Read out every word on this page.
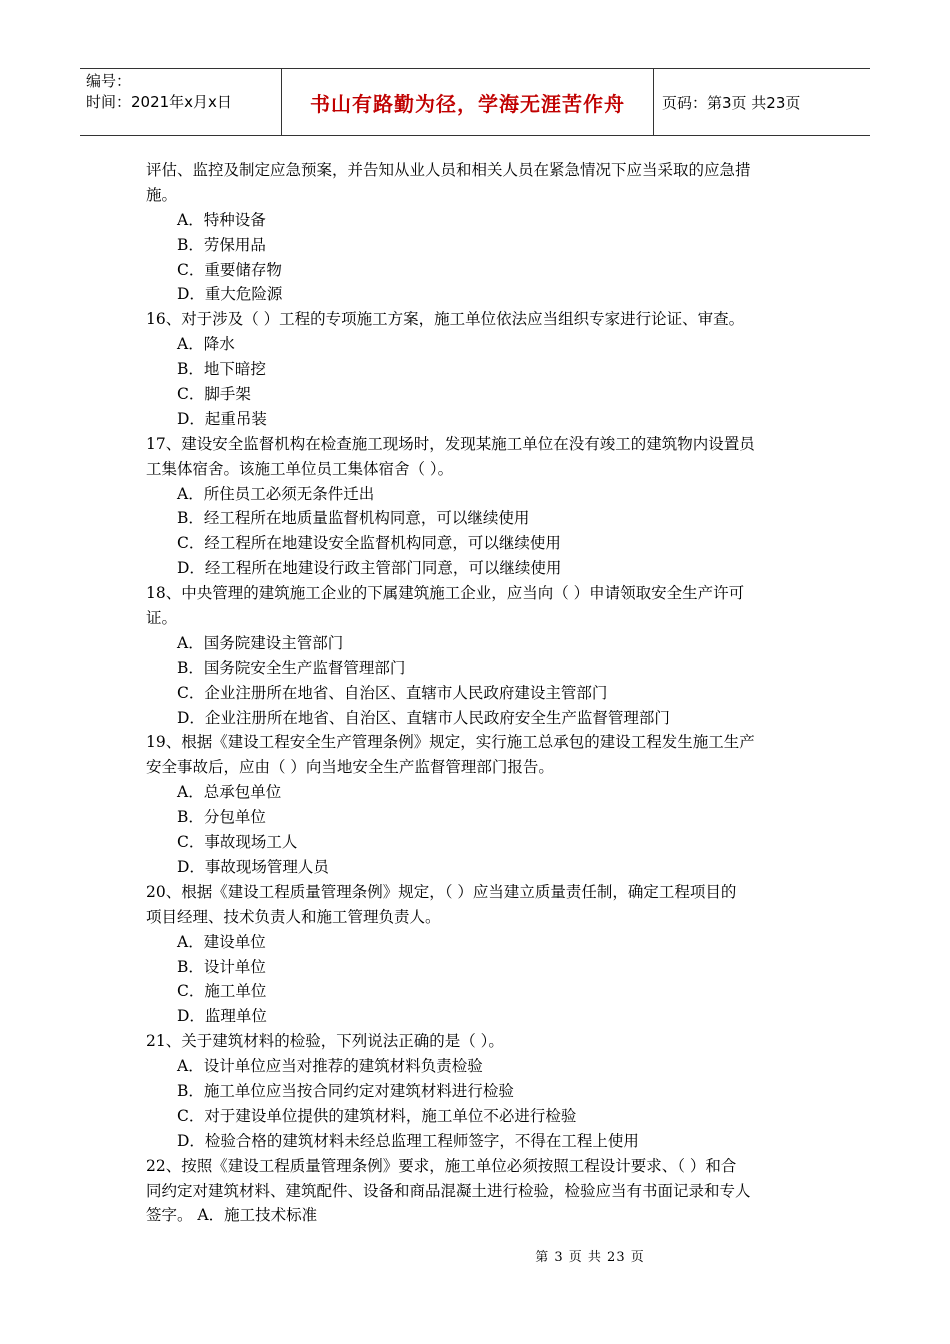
编号：
时间：2021年x月x日	书山有路勤为径，学海无涯苦作舟	页码：第3页 共23页
评估、监控及制定应急预案，并告知从业人员和相关人员在紧急情况下应当采取的应急措
施。
A．特种设备
B．劳保用品
C．重要储存物
D．重大危险源
16、对于涉及（ ）工程的专项施工方案，施工单位依法应当组织专家进行论证、审查。
A．降水
B．地下暗挖
C．脚手架
D．起重吊装
17、建设安全监督机构在检查施工现场时，发现某施工单位在没有竣工的建筑物内设置员
工集体宿舍。该施工单位员工集体宿舍（ ）。
A．所住员工必须无条件迁出
B．经工程所在地质量监督机构同意，可以继续使用
C．经工程所在地建设安全监督机构同意，可以继续使用
D．经工程所在地建设行政主管部门同意，可以继续使用
18、中央管理的建筑施工企业的下属建筑施工企业，应当向（ ）申请领取安全生产许可
证。
A．国务院建设主管部门
B．国务院安全生产监督管理部门
C．企业注册所在地省、自治区、直辖市人民政府建设主管部门
D．企业注册所在地省、自治区、直辖市人民政府安全生产监督管理部门
19、根据《建设工程安全生产管理条例》规定，实行施工总承包的建设工程发生施工生产
安全事故后，应由（ ）向当地安全生产监督管理部门报告。
A．总承包单位
B．分包单位
C．事故现场工人
D．事故现场管理人员
20、根据《建设工程质量管理条例》规定，（ ）应当建立质量责任制，确定工程项目的
项目经理、技术负责人和施工管理负责人。
A．建设单位
B．设计单位
C．施工单位
D．监理单位
21、关于建筑材料的检验，下列说法正确的是（ ）。
A．设计单位应当对推荐的建筑材料负责检验
B．施工单位应当按合同约定对建筑材料进行检验
C．对于建设单位提供的建筑材料，施工单位不必进行检验
D．检验合格的建筑材料未经总监理工程师签字，不得在工程上使用
22、按照《建设工程质量管理条例》要求，施工单位必须按照工程设计要求、（ ）和合
同约定对建筑材料、建筑配件、设备和商品混凝土进行检验，检验应当有书面记录和专人
签字。 A．施工技术标准
第 3 页 共 23 页
